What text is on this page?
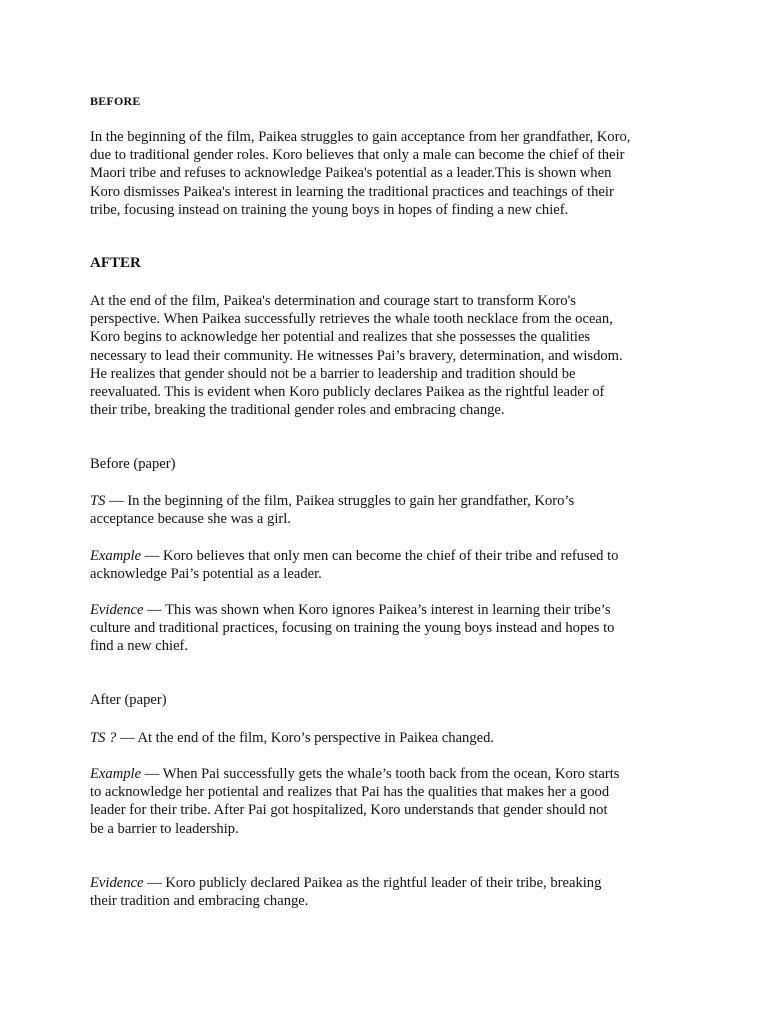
BEFORE
In the beginning of the film, Paikea struggles to gain acceptance from her grandfather, Koro,
due to traditional gender roles. Koro believes that only a male can become the chief of their
Maori tribe and refuses to acknowledge Paikea's potential as a leader.This is shown when
Koro dismisses Paikea's interest in learning the traditional practices and teachings of their
tribe, focusing instead on training the young boys in hopes of finding a new chief.
AFTER
At the end of the film, Paikea's determination and courage start to transform Koro's
perspective. When Paikea successfully retrieves the whale tooth necklace from the ocean,
Koro begins to acknowledge her potential and realizes that she possesses the qualities
necessary to lead their community. He witnesses Pai’s bravery, determination, and wisdom.
He realizes that gender should not be a barrier to leadership and tradition should be
reevaluated. This is evident when Koro publicly declares Paikea as the rightful leader of
their tribe, breaking the traditional gender roles and embracing change.
Before (paper)
TS — In the beginning of the film, Paikea struggles to gain her grandfather, Koro’s
acceptance because she was a girl.
Example — Koro believes that only men can become the chief of their tribe and refused to
acknowledge Pai’s potential as a leader.
Evidence — This was shown when Koro ignores Paikea’s interest in learning their tribe’s
culture and traditional practices, focusing on training the young boys instead and hopes to
find a new chief.
After (paper)
TS ? — At the end of the film, Koro’s perspective in Paikea changed.
Example — When Pai successfully gets the whale’s tooth back from the ocean, Koro starts
to acknowledge her potiental and realizes that Pai has the qualities that makes her a good
leader for their tribe. After Pai got hospitalized, Koro understands that gender should not
be a barrier to leadership.
Evidence — Koro publicly declared Paikea as the rightful leader of their tribe, breaking
their tradition and embracing change.
